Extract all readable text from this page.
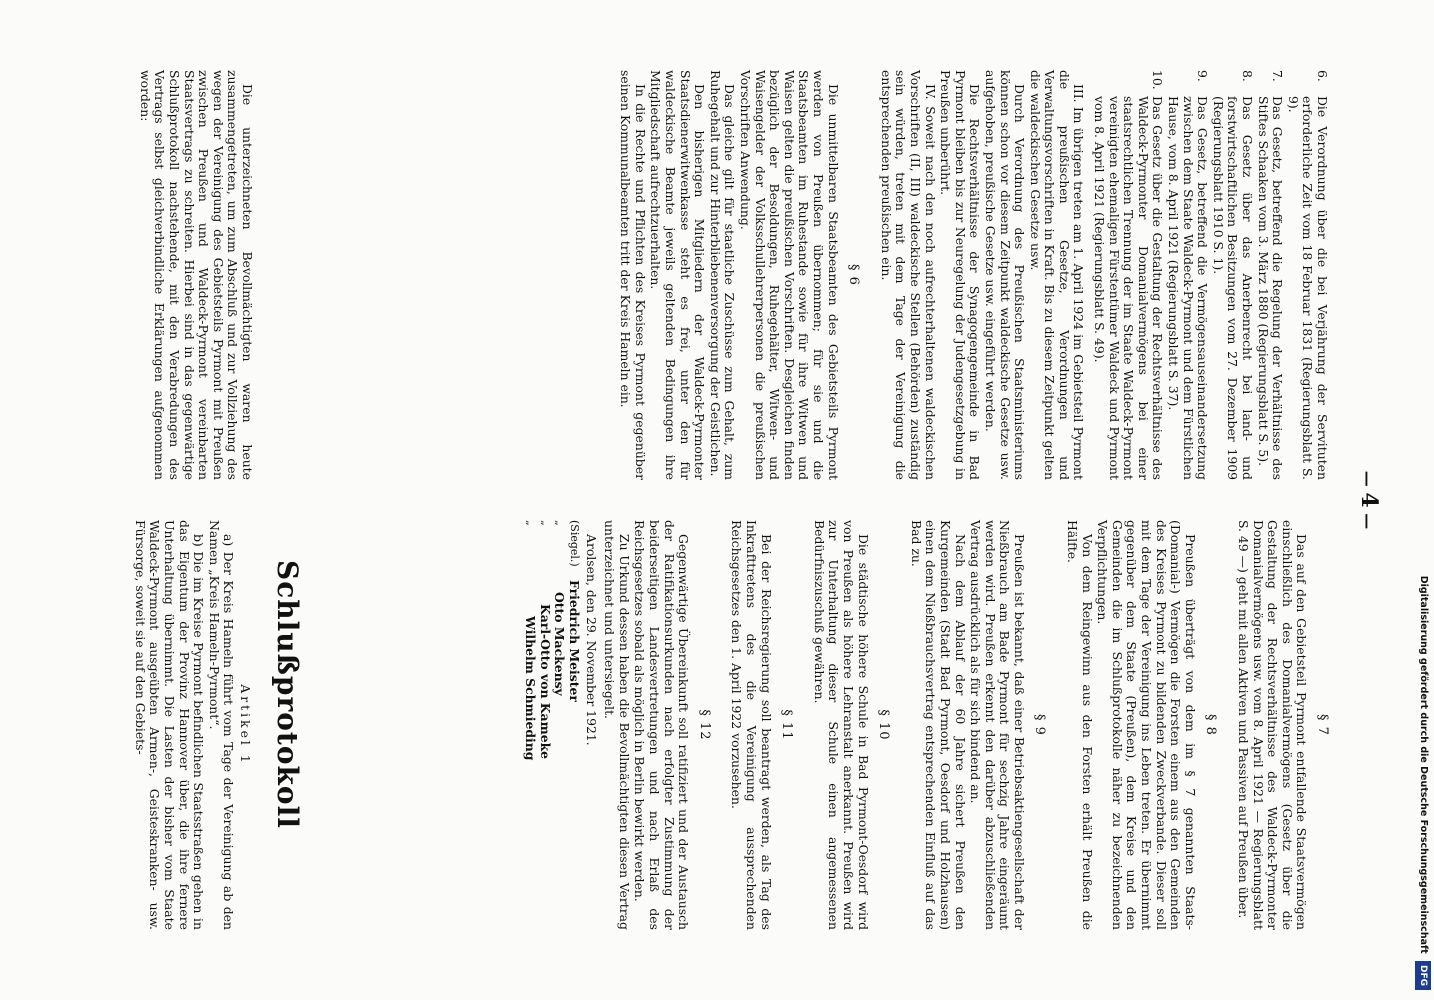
— 4 —
6.
Die Verordnung über die bei Verjährung der Servituten erforderliche Zeit vom 18 Februar 1831 (Regierungsblatt S. 9).
7.
Das Gesetz, betreffend die Regelung der Verhältnisse des Stiftes Schaaken vom 3. März 1880 (Regierungsblatt S. 5).
8.
Das Gesetz über das Anerbenrecht bei land- und forstwirtschaftlichen Besitzungen vom 27. Dezember 1909 (Regierungsblatt 1910 S. 1).
9.
Das Gesetz, betreffend die Vermögensauseinandersetzung zwischen dem Staate Waldeck-Pyrmont und dem Fürstlichen Hause, vom 8. April 1921 (Regierungsblatt S. 37).
10.
Das Gesetz über die Gestaltung der Rechtsverhältnisse des Waldeck-Pyrmonter Domanialvermögens bei einer staatsrechtlichen Trennung der im Staate Waldeck-Pyrmont vereinigten ehemaligen Fürstentümer Waldeck und Pyrmont vom 8. April 1921 (Regierungsblatt S. 49).

III. Im übrigen treten am 1. April 1924 im Gebietsteil Pyrmont die preußischen Gesetze, Verordnungen und Verwaltungsvorschriften in Kraft. Bis zu diesem Zeitpunkt gelten die waldeckischen Gesetze usw.

Durch Verordnung des Preußischen Staatsministeriums können schon vor diesem Zeitpunkt waldeckische Gesetze usw. aufgehoben, preußische Gesetze usw. eingeführt werden.

Die Rechtsverhältnisse der Synagogengemeinde in Bad Pyrmont bleiben bis zur Neuregelung der Judengesetzgebung in Preußen unberührt.

IV. Soweit nach den noch aufrechterhaltenen waldeckischen Vorschriften (II, III) waldeckische Stellen (Behörden) zuständig sein würden, treten mit dem Tage der Vereinigung die entsprechenden preußischen ein.

§ 6

Die unmittelbaren Staatsbeamten des Gebietsteils Pyrmont werden von Preußen übernommen; für sie und die Staatsbeamten im Ruhestande sowie für ihre Witwen und Waisen gelten die preußischen Vorschriften. Desgleichen finden bezüglich der Besoldungen, Ruhegehälter, Witwen- und Waisengelder der Volksschullehrerpersonen die preußischen Vorschriften Anwendung.

Das gleiche gilt für staatliche Zuschüsse zum Gehalt, zum Ruhegehalt und zur Hinterbliebenenversorgung der Geistlichen.

Den bisherigen Mitgliedern der Waldeck-Pyrmonter Staatsdienerwitwenkasse steht es frei, unter den für waldeckische Beamte jeweils geltenden Bedingungen ihre Mitgliedschaft aufrechtzuerhalten.

In die Rechte und Pflichten des Kreises Pyrmont gegenüber seinen Kommunalbeamten tritt der Kreis Hameln ein.

§ 7

Das auf den Gebietsteil Pyrmont entfallende Staatsvermögen einschließlich des Domanialvermögens (Gesetz über die Gestaltung der Rechtsverhältnisse des Waldeck-Pyrmonter Domanialvermögens usw. vom 8. April 1921 — Regierungsblatt S. 49 —) geht mit allen Aktiven und Passiven auf Preußen über.

§ 8

Preußen überträgt von dem im § 7 genannten Staats- (Domanial-) Vermögen die Forsten einem aus den Gemeinden des Kreises Pyrmont zu bildenden Zweckverbande. Dieser soll mit dem Tage der Vereinigung ins Leben treten. Er übernimmt gegenüber dem Staate (Preußen), dem Kreise und den Gemeinden die im Schlußprotokolle näher zu bezeichnenden Verpflichtungen.

Von dem Reingewinn aus den Forsten erhält Preußen die Hälfte.

§ 9

Preußen ist bekannt, daß einer Betriebsaktiengesellschaft der Nießbrauch am Bade Pyrmont für sechzig Jahre eingeräumt werden wird. Preußen erkennt den darüber abzuschließenden Vertrag ausdrücklich als für sich bindend an.

Nach dem Ablauf der 60 Jahre sichert Preußen den Kurgemeinden (Stadt Bad Pyrmont, Oesdorf und Holzhausen) einen dem Nießbrauchsvertrag entsprechenden Einfluß auf das Bad zu.

§ 10

Die städtische höhere Schule in Bad Pyrmont-Oesdorf wird von Preußen als höhere Lehranstalt anerkannt. Preußen wird zur Unterhaltung dieser Schule einen angemessenen Bedürfniszuschuß gewähren.

§ 11

Bei der Reichsregierung soll beantragt werden, als Tag des Inkrafttretens des die Vereinigung aussprechenden Reichsgesetzes den 1. April 1922 vorzusehen.

§ 12

Gegenwärtige Übereinkunft soll ratifiziert und der Austausch der Ratifikationsurkunden nach erfolgter Zustimmung der beiderseitigen Landesvertretungen und nach Erlaß des Reichsgesetzes sobald als möglich in Berlin bewirkt werden.

Zu Urkund dessen haben die Bevollmächtigten diesen Vertrag unterzeichnet und untersiegelt.

Arolsen, den 29. November 1921.

(Siegel.)
Friedrich Meister
„
Otto Mackensy
„
Karl-Otto von Kameke
„
Wilhelm Schmieding
Schlußprotokoll

Die unterzeichneten Bevollmächtigten waren heute zusammengetreten, um zum Abschluß und zur Vollziehung des wegen der Vereinigung des Gebietsteils Pyrmont mit Preußen zwischen Preußen und Waldeck-Pyrmont vereinbarten Staatsvertrags zu schreiten. Hierbei sind in das gegenwärtige Schlußprotokoll nachstehende, mit den Verabredungen des Vertrags selbst gleichverbindliche Erklärungen aufgenommen worden:

Artikel 1

a) Der Kreis Hameln führt vom Tage der Vereinigung ab den Namen „Kreis Hameln-Pyrmont“.

b) Die im Kreise Pyrmont befindlichen Staatsstraßen gehen in das Eigentum der Provinz Hannover über, die ihre fernere Unterhaltung übernimmt. Die Lasten der bisher vom Staate Waldeck-Pyrmont ausgeübten Armen-, Geisteskranken- usw. Fürsorge, soweit sie auf den Gebiets-	Digitalisierung gefördert durch die Deutsche Forschungsgemeinschaft DFG
